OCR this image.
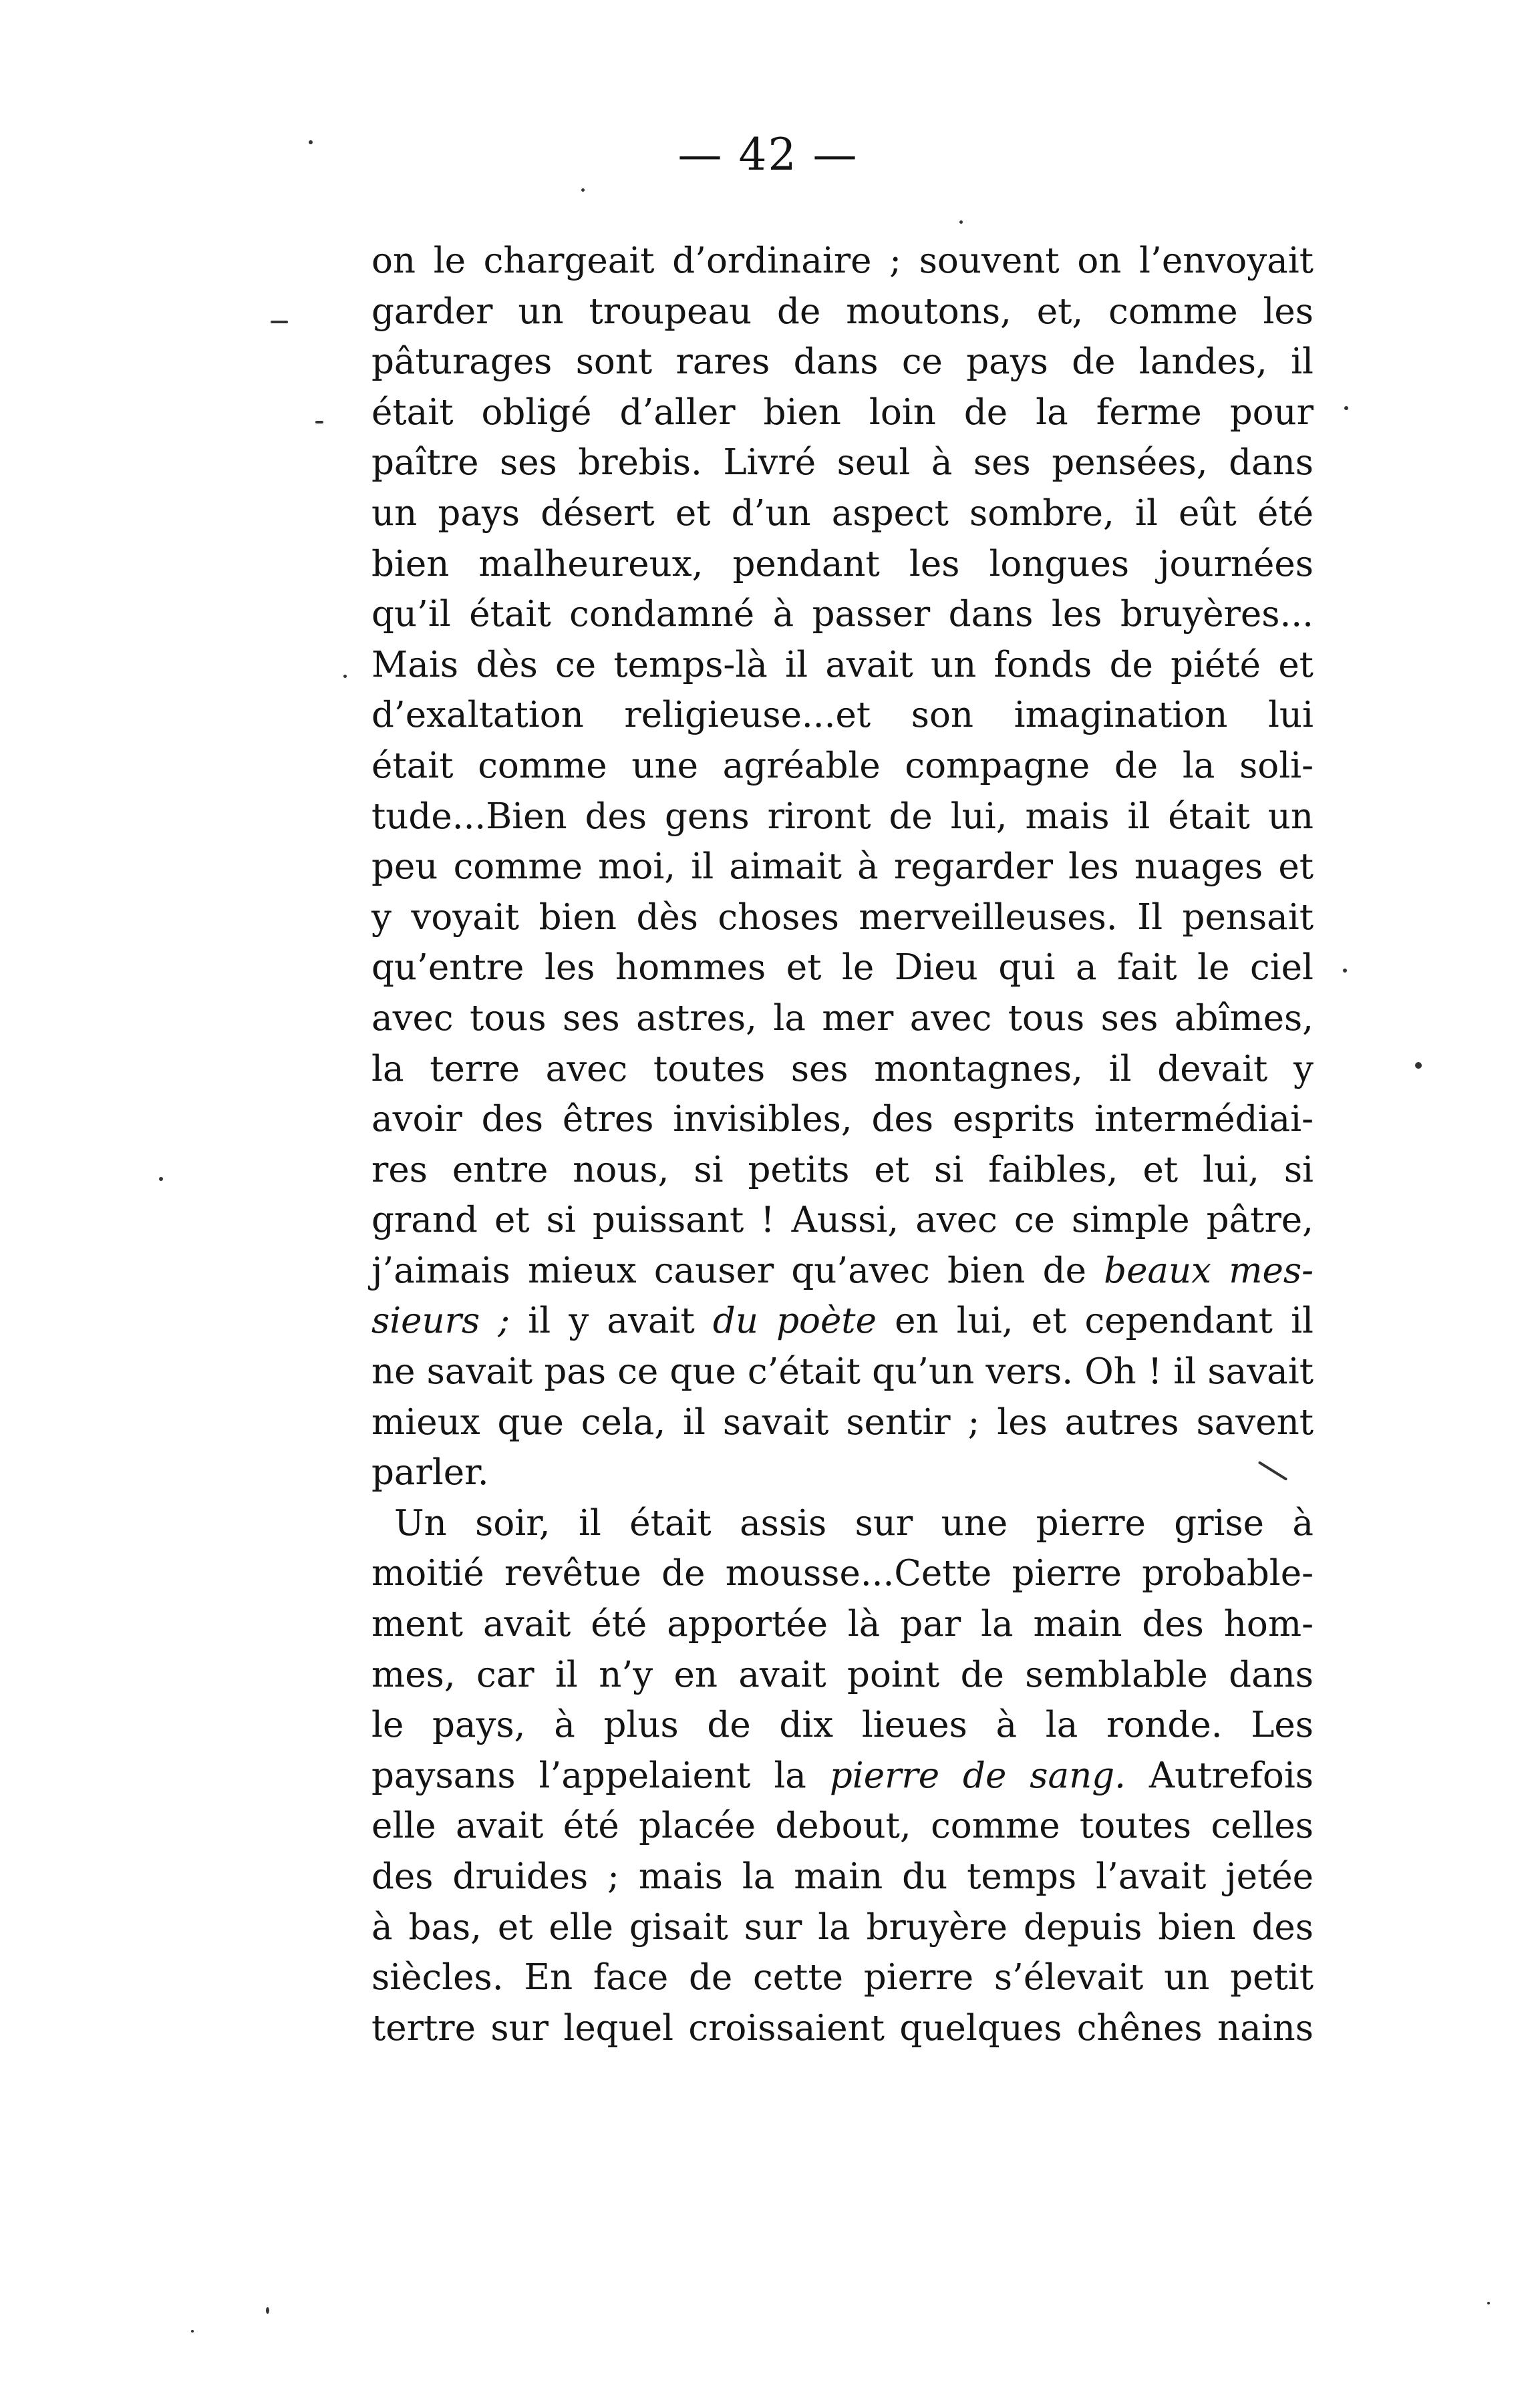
— 42 —
on le chargeait d’ordinaire ; souvent on l’envoyait
garder un troupeau de moutons, et, comme les
pâturages sont rares dans ce pays de landes, il
était obligé d’aller bien loin de la ferme pour
paître ses brebis. Livré seul à ses pensées, dans
un pays désert et d’un aspect sombre, il eût été
bien malheureux, pendant les longues journées
qu’il était condamné à passer dans les bruyères...
Mais dès ce temps-là il avait un fonds de piété et
d’exaltation religieuse...et son imagination lui
était comme une agréable compagne de la soli-
tude...Bien des gens riront de lui, mais il était un
peu comme moi, il aimait à regarder les nuages et
y voyait bien dès choses merveilleuses. Il pensait
qu’entre les hommes et le Dieu qui a fait le ciel
avec tous ses astres, la mer avec tous ses abîmes,
la terre avec toutes ses montagnes, il devait y
avoir des êtres invisibles, des esprits intermédiai-
res entre nous, si petits et si faibles, et lui, si
grand et si puissant ! Aussi, avec ce simple pâtre,
j’aimais mieux causer qu’avec bien de beaux mes-
sieurs ; il y avait du poète en lui, et cependant il
ne savait pas ce que c’était qu’un vers. Oh ! il savait
mieux que cela, il savait sentir ; les autres savent
parler.
Un soir, il était assis sur une pierre grise à
moitié revêtue de mousse...Cette pierre probable-
ment avait été apportée là par la main des hom-
mes, car il n’y en avait point de semblable dans
le pays, à plus de dix lieues à la ronde. Les
paysans l’appelaient la pierre de sang. Autrefois
elle avait été placée debout, comme toutes celles
des druides ; mais la main du temps l’avait jetée
à bas, et elle gisait sur la bruyère depuis bien des
siècles. En face de cette pierre s’élevait un petit
tertre sur lequel croissaient quelques chênes nains
